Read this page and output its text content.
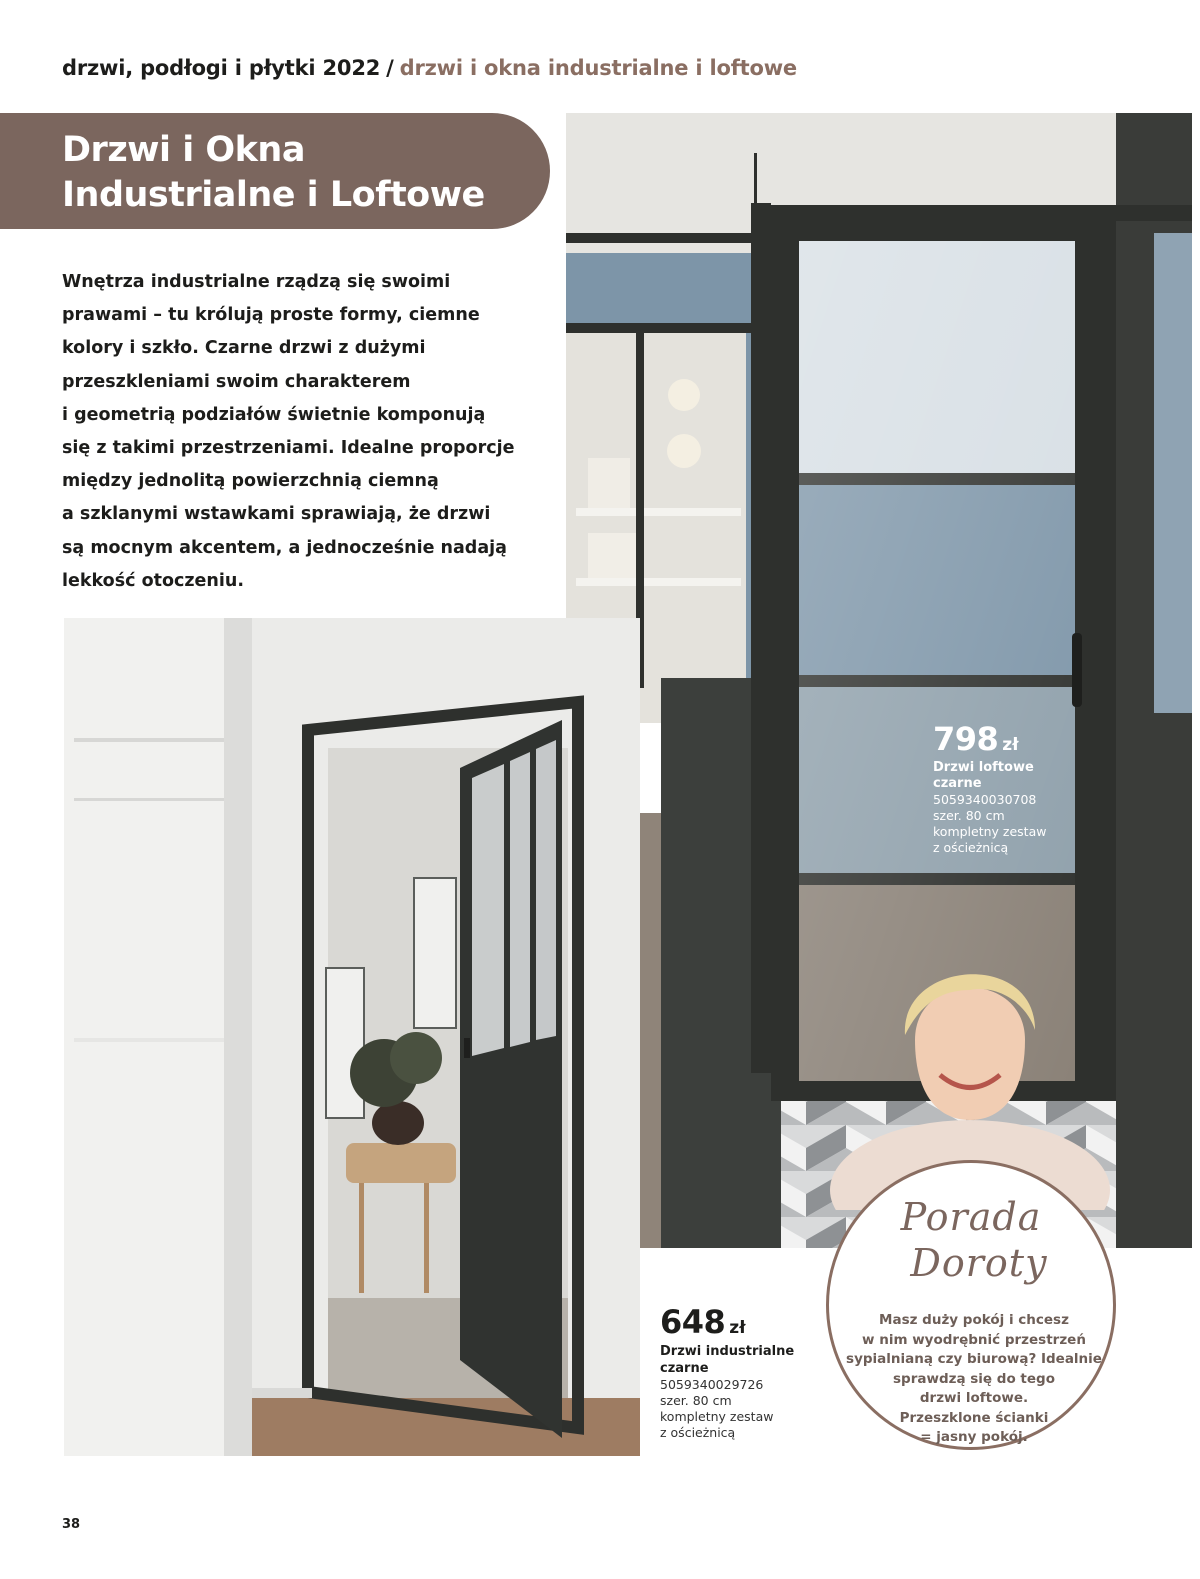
drzwi, podłogi i płytki 2022 / drzwi i okna industrialne i loftowe
Drzwi i Okna
Industrialne i Loftowe

Wnętrza industrialne rządzą się swoimi
prawami – tu królują proste formy, ciemne
kolory i szkło. Czarne drzwi z dużymi
przeszkleniami swoim charakterem
i geometrią podziałów świetnie komponują
się z takimi przestrzeniami. Idealne proporcje
między jednolitą powierzchnią ciemną
a szklanymi wstawkami sprawiają, że drzwi
są mocnym akcentem, a jednocześnie nadają
lekkość otoczeniu.

798 zł
Drzwi loftowe czarne
5059340030708
szer. 80 cm
kompletny zestaw
z ościeżnicą
648 zł
Drzwi industrialne czarne
5059340029726
szer. 80 cm
kompletny zestaw
z ościeżnicą
Porada
Doroty
Masz duży pokój i chcesz
w nim wyodrębnić przestrzeń
sypialnianą czy biurową? Idealnie
sprawdzą się do tego
drzwi loftowe.
Przeszklone ścianki
= jasny pokój.
38
